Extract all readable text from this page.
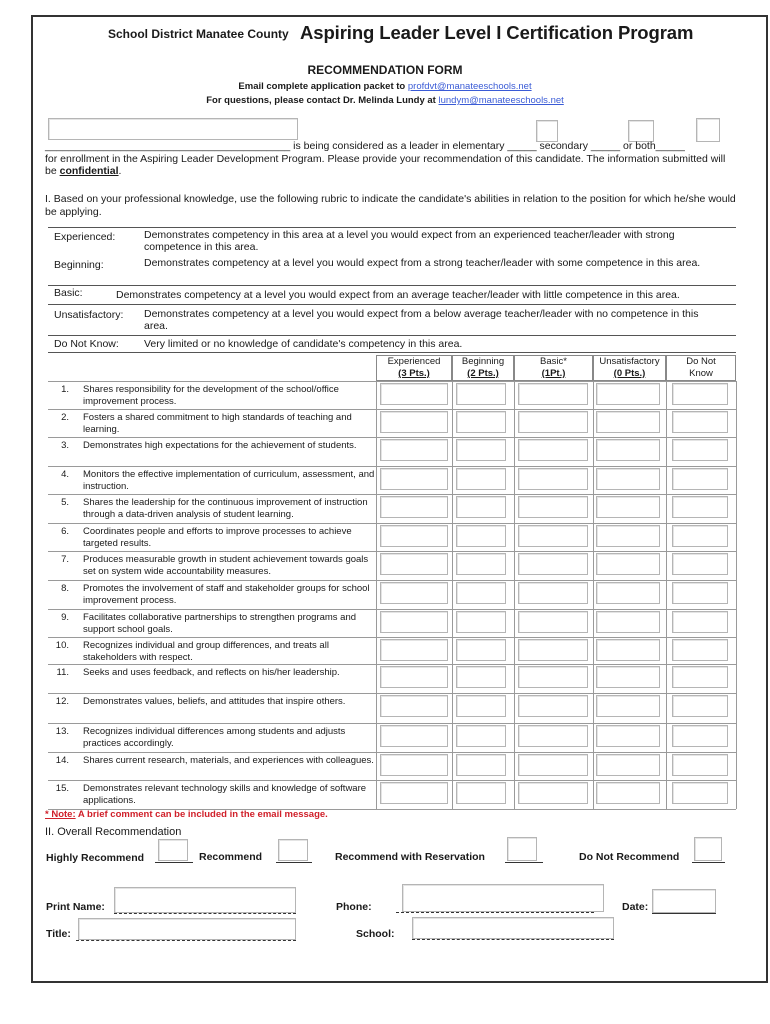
School District Manatee County Aspiring Leader Level I Certification Program
RECOMMENDATION FORM
Email complete application packet to profdvt@manateeschools.net
For questions, please contact Dr. Melinda Lundy at lundym@manateeschools.net
__________________________________________ is being considered as a leader in elementary _____ secondary _____ or both_____
for enrollment in the Aspiring Leader Development Program. Please provide your recommendation of this candidate. The information submitted will be confidential.
I. Based on your professional knowledge, use the following rubric to indicate the candidate's abilities in relation to the position for which he/she would be applying.
Experienced:	Demonstrates competency in this area at a level you would expect from an experienced teacher/leader with strong competence in this area.
Beginning:	Demonstrates competency at a level you would expect from a strong teacher/leader with some competence in this area.
Basic:	Demonstrates competency at a level you would expect from an average teacher/leader with little competence in this area.
Unsatisfactory: Demonstrates competency at a level you would expect from a below average teacher/leader with no competence in this area.
Do Not Know: Very limited or no knowledge of candidate's competency in this area.
Experienced
(3 Pts.)
Beginning
(2 Pts.)
Basic*
(1Pt.)
Unsatisfactory
(0 Pts.)
Do Not
Know
1. Shares responsibility for the development of the school/office improvement process.
2. Fosters a shared commitment to high standards of teaching and learning.
3. Demonstrates high expectations for the achievement of students.
4. Monitors the effective implementation of curriculum, assessment, and instruction.
5. Shares the leadership for the continuous improvement of instruction through a data-driven analysis of student learning.
6. Coordinates people and efforts to improve processes to achieve targeted results.
7. Produces measurable growth in student achievement towards goals set on system wide accountability measures.
8. Promotes the involvement of staff and stakeholder groups for school improvement process.
9. Facilitates collaborative partnerships to strengthen programs and support school goals.
10. Recognizes individual and group differences, and treats all stakeholders with respect.
11. Seeks and uses feedback, and reflects on his/her leadership.
12. Demonstrates values, beliefs, and attitudes that inspire others.
13. Recognizes individual differences among students and adjusts practices accordingly.
14. Shares current research, materials, and experiences with colleagues.
15. Demonstrates relevant technology skills and knowledge of software applications.
* Note: A brief comment can be included in the email message.
II. Overall Recommendation
Highly Recommend	Recommend	Recommend with Reservation	Do Not Recommend
Print Name:	Phone:	Date:
Title:	School:
